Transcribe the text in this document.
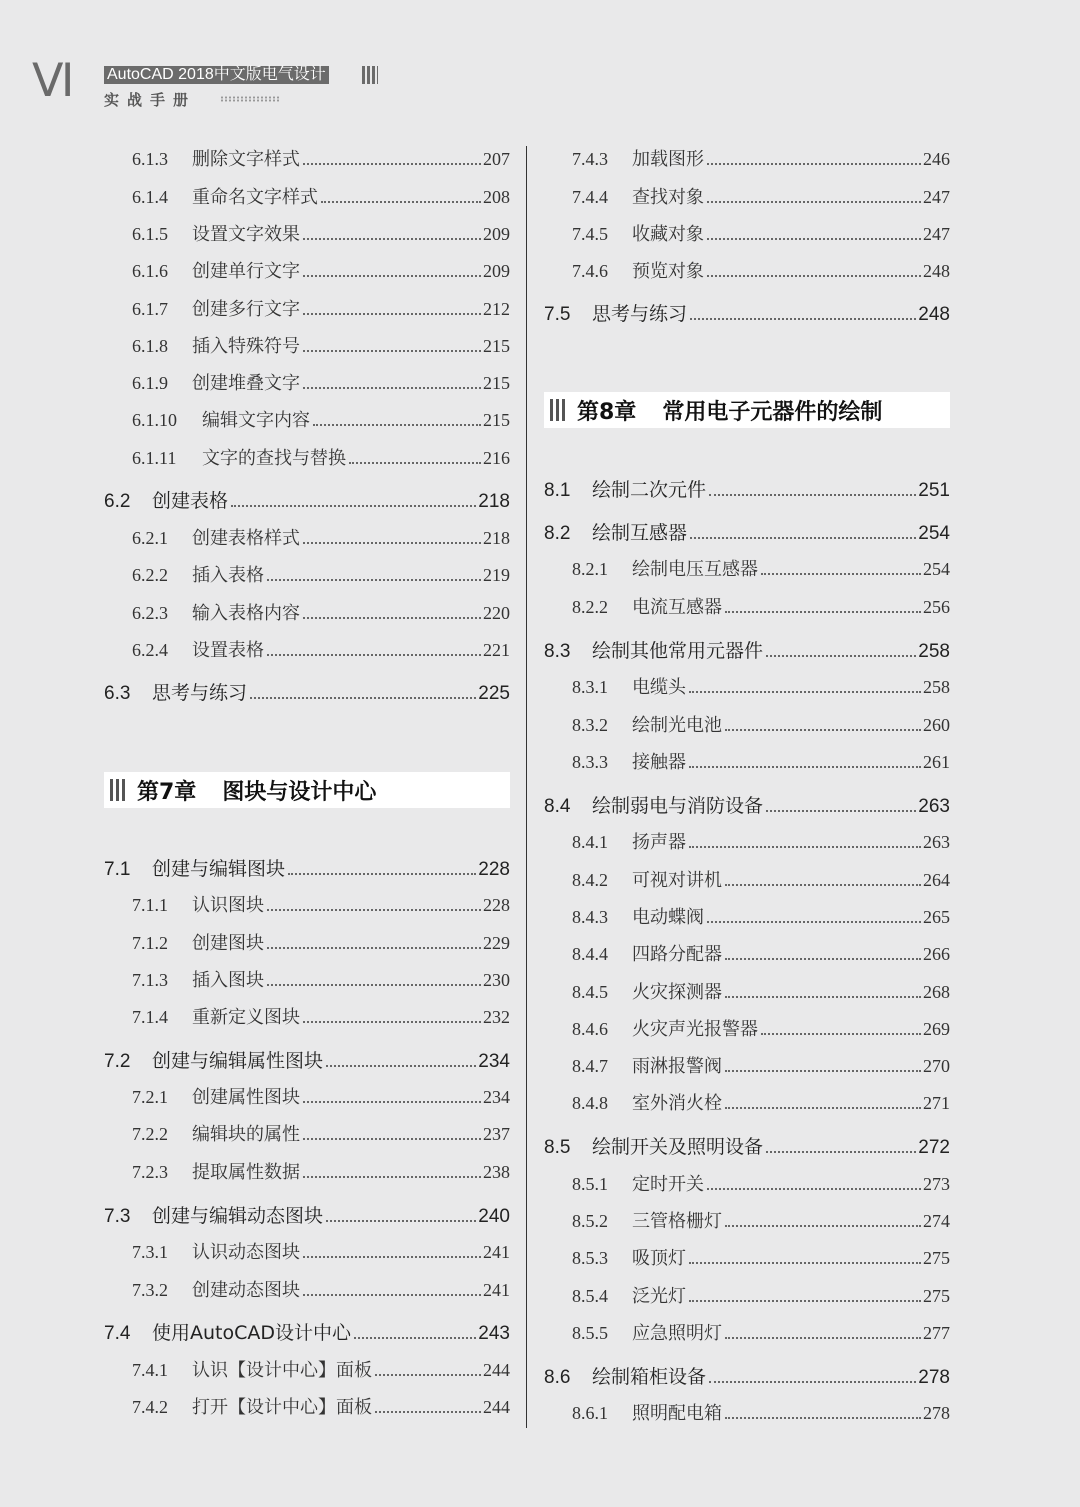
Ⅵ AutoCAD 2018中文版电气设计
实战手册
6.1.3	删除文字样式	207
6.1.4	重命名文字样式	208
6.1.5	设置文字效果	209
6.1.6	创建单行文字	209
6.1.7	创建多行文字	212
6.1.8	插入特殊符号	215
6.1.9	创建堆叠文字	215
6.1.10	编辑文字内容	215
6.1.11	文字的查找与替换	216
6.2	创建表格	218
6.2.1	创建表格样式	218
6.2.2	插入表格	219
6.2.3	输入表格内容	220
6.2.4	设置表格	221
6.3	思考与练习	225
第7章 图块与设计中心
7.1	创建与编辑图块	228
7.1.1	认识图块	228
7.1.2	创建图块	229
7.1.3	插入图块	230
7.1.4	重新定义图块	232
7.2	创建与编辑属性图块	234
7.2.1	创建属性图块	234
7.2.2	编辑块的属性	237
7.2.3	提取属性数据	238
7.3	创建与编辑动态图块	240
7.3.1	认识动态图块	241
7.3.2	创建动态图块	241
7.4	使用AutoCAD设计中心	243
7.4.1	认识【设计中心】面板	244
7.4.2	打开【设计中心】面板	244
7.4.3	加载图形	246
7.4.4	查找对象	247
7.4.5	收藏对象	247
7.4.6	预览对象	248
7.5	思考与练习	248
第8章 常用电子元器件的绘制
8.1	绘制二次元件	251
8.2	绘制互感器	254
8.2.1	绘制电压互感器	254
8.2.2	电流互感器	256
8.3	绘制其他常用元器件	258
8.3.1	电缆头	258
8.3.2	绘制光电池	260
8.3.3	接触器	261
8.4	绘制弱电与消防设备	263
8.4.1	扬声器	263
8.4.2	可视对讲机	264
8.4.3	电动蝶阀	265
8.4.4	四路分配器	266
8.4.5	火灾探测器	268
8.4.6	火灾声光报警器	269
8.4.7	雨淋报警阀	270
8.4.8	室外消火栓	271
8.5	绘制开关及照明设备	272
8.5.1	定时开关	273
8.5.2	三管格栅灯	274
8.5.3	吸顶灯	275
8.5.4	泛光灯	275
8.5.5	应急照明灯	277
8.6	绘制箱柜设备	278
8.6.1	照明配电箱	278
